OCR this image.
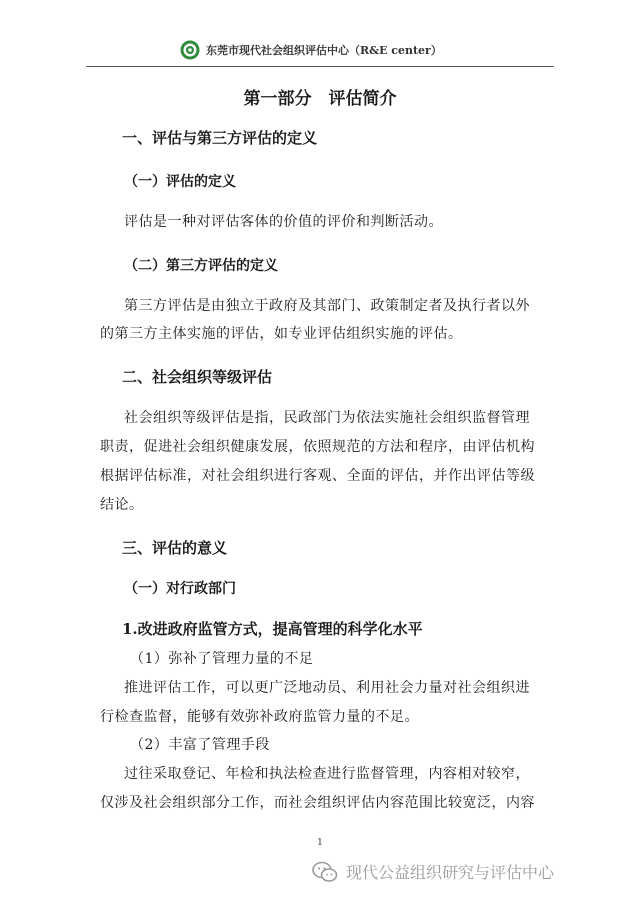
东莞市现代社会组织评估中心（R&E center）
第一部分　评估简介
一、评估与第三方评估的定义
（一）评估的定义
评估是一种对评估客体的价值的评价和判断活动。
（二）第三方评估的定义
第三方评估是由独立于政府及其部门、政策制定者及执行者以外
的第三方主体实施的评估，如专业评估组织实施的评估。
二、社会组织等级评估
社会组织等级评估是指，民政部门为依法实施社会组织监督管理
职责，促进社会组织健康发展，依照规范的方法和程序，由评估机构
根据评估标准，对社会组织进行客观、全面的评估，并作出评估等级
结论。
三、评估的意义
（一）对行政部门
1.改进政府监管方式，提高管理的科学化水平
（1）弥补了管理力量的不足
推进评估工作，可以更广泛地动员、利用社会力量对社会组织进
行检查监督，能够有效弥补政府监管力量的不足。
（2）丰富了管理手段
过往采取登记、年检和执法检查进行监督管理，内容相对较窄，
仅涉及社会组织部分工作，而社会组织评估内容范围比较宽泛，内容
1
现代公益组织研究与评估中心
